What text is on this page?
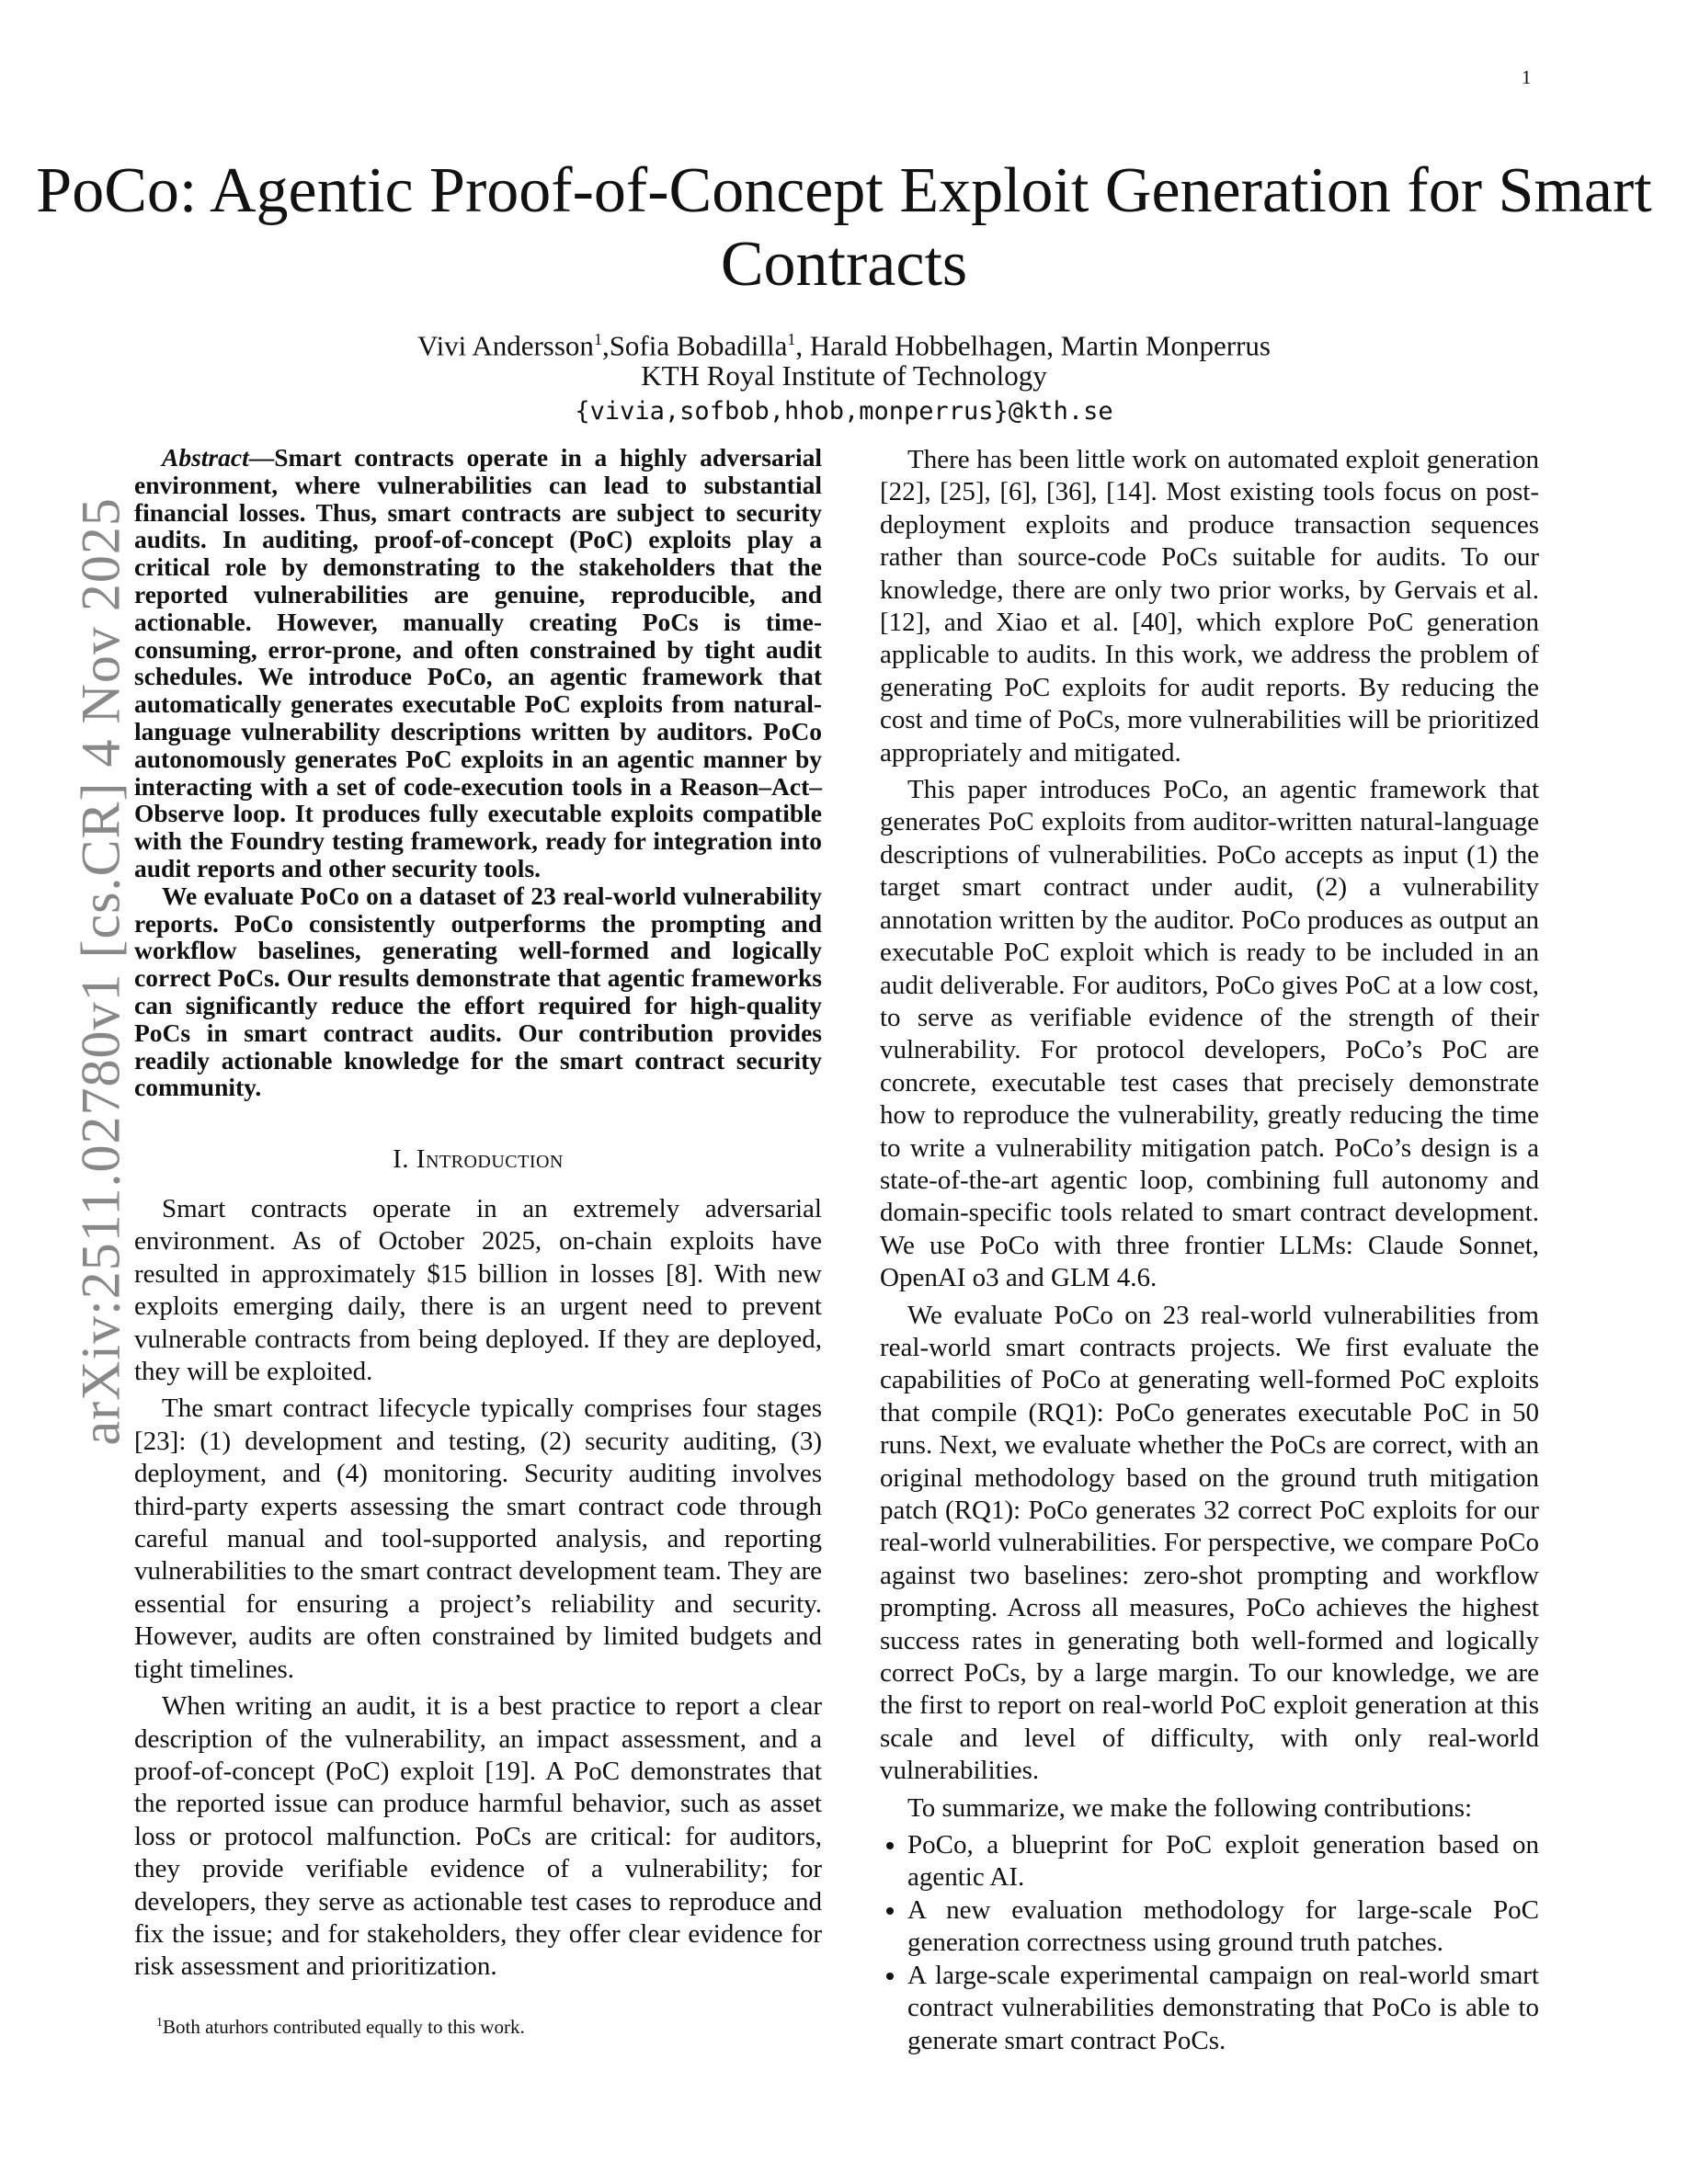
1
arXiv:2511.02780v1 [cs.CR] 4 Nov 2025
PoCo: Agentic Proof-of-Concept Exploit Generation for Smart Contracts
Vivi Andersson$^1$,Sofia Bobadilla$^1$, Harald Hobbelhagen, Martin Monperrus
KTH Royal Institute of Technology
{vivia,sofbob,hhob,monperrus}@kth.se

Abstract—Smart contracts operate in a highly adversarial environment, where vulnerabilities can lead to substantial financial losses. Thus, smart contracts are subject to security audits. In auditing, proof-of-concept (PoC) exploits play a critical role by demonstrating to the stakeholders that the reported vulnerabilities are genuine, reproducible, and actionable. However, manually creating PoCs is time-consuming, error-prone, and often constrained by tight audit schedules. We introduce PoCo, an agentic framework that automatically generates executable PoC exploits from natural-language vulnerability descriptions written by auditors. PoCo autonomously generates PoC exploits in an agentic manner by interacting with a set of code-execution tools in a Reason–Act–Observe loop. It produces fully executable exploits compatible with the Foundry testing framework, ready for integration into audit reports and other security tools.

We evaluate PoCo on a dataset of 23 real-world vulnerability reports. PoCo consistently outperforms the prompting and workflow baselines, generating well-formed and logically correct PoCs. Our results demonstrate that agentic frameworks can significantly reduce the effort required for high-quality PoCs in smart contract audits. Our contribution provides readily actionable knowledge for the smart contract security community.

I. Introduction

Smart contracts operate in an extremely adversarial environment. As of October 2025, on-chain exploits have resulted in approximately $15 billion in losses [8]. With new exploits emerging daily, there is an urgent need to prevent vulnerable contracts from being deployed. If they are deployed, they will be exploited.

The smart contract lifecycle typically comprises four stages [23]: (1) development and testing, (2) security auditing, (3) deployment, and (4) monitoring. Security auditing involves third-party experts assessing the smart contract code through careful manual and tool-supported analysis, and reporting vulnerabilities to the smart contract development team. They are essential for ensuring a project’s reliability and security. However, audits are often constrained by limited budgets and tight timelines.

When writing an audit, it is a best practice to report a clear description of the vulnerability, an impact assessment, and a proof-of-concept (PoC) exploit [19]. A PoC demonstrates that the reported issue can produce harmful behavior, such as asset loss or protocol malfunction. PoCs are critical: for auditors, they provide verifiable evidence of a vulnerability; for developers, they serve as actionable test cases to reproduce and fix the issue; and for stakeholders, they offer clear evidence for risk assessment and prioritization.

$^1$Both aturhors contributed equally to this work.

There has been little work on automated exploit generation [22], [25], [6], [36], [14]. Most existing tools focus on post-deployment exploits and produce transaction sequences rather than source-code PoCs suitable for audits. To our knowledge, there are only two prior works, by Gervais et al. [12], and Xiao et al. [40], which explore PoC generation applicable to audits. In this work, we address the problem of generating PoC exploits for audit reports. By reducing the cost and time of PoCs, more vulnerabilities will be prioritized appropriately and mitigated.

This paper introduces PoCo, an agentic framework that generates PoC exploits from auditor-written natural-language descriptions of vulnerabilities. PoCo accepts as input (1) the target smart contract under audit, (2) a vulnerability annotation written by the auditor. PoCo produces as output an executable PoC exploit which is ready to be included in an audit deliverable. For auditors, PoCo gives PoC at a low cost, to serve as verifiable evidence of the strength of their vulnerability. For protocol developers, PoCo’s PoC are concrete, executable test cases that precisely demonstrate how to reproduce the vulnerability, greatly reducing the time to write a vulnerability mitigation patch. PoCo’s design is a state-of-the-art agentic loop, combining full autonomy and domain-specific tools related to smart contract development. We use PoCo with three frontier LLMs: Claude Sonnet, OpenAI o3 and GLM 4.6.

We evaluate PoCo on 23 real-world vulnerabilities from real-world smart contracts projects. We first evaluate the capabilities of PoCo at generating well-formed PoC exploits that compile (RQ1): PoCo generates executable PoC in 50 runs. Next, we evaluate whether the PoCs are correct, with an original methodology based on the ground truth mitigation patch (RQ1): PoCo generates 32 correct PoC exploits for our real-world vulnerabilities. For perspective, we compare PoCo against two baselines: zero-shot prompting and workflow prompting. Across all measures, PoCo achieves the highest success rates in generating both well-formed and logically correct PoCs, by a large margin. To our knowledge, we are the first to report on real-world PoC exploit generation at this scale and level of difficulty, with only real-world vulnerabilities.

To summarize, we make the following contributions:

• PoCo, a blueprint for PoC exploit generation based on agentic AI.
• A new evaluation methodology for large-scale PoC generation correctness using ground truth patches.
• A large-scale experimental campaign on real-world smart contract vulnerabilities demonstrating that PoCo is able to generate smart contract PoCs.
